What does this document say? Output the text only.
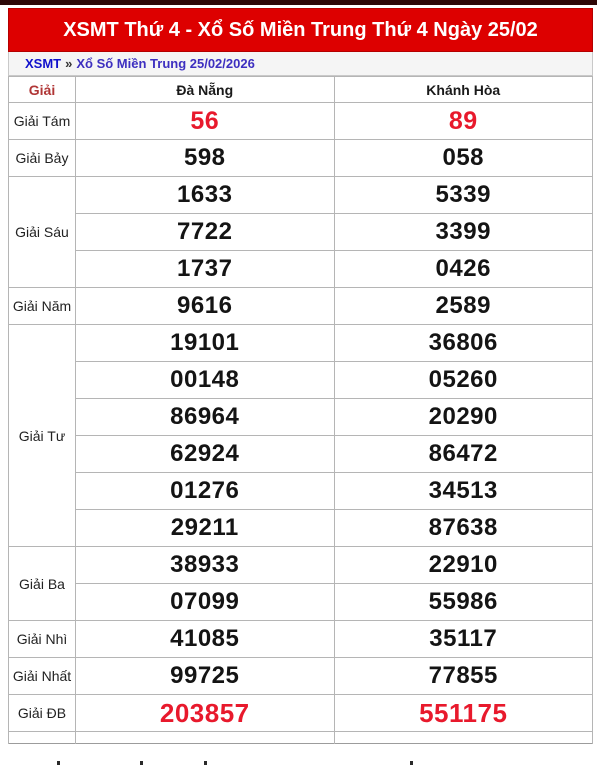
XSMT Thứ 4 - Xổ Số Miền Trung Thứ 4 Ngày 25/02
XSMT » Xổ Số Miền Trung 25/02/2026
Giải	Đà Nẵng	Khánh Hòa
Giải Tám	56	89
Giải Bảy	598	058
Giải Sáu	1633	5339
	7722	3399
	1737	0426
Giải Năm	9616	2589
Giải Tư	19101	36806
	00148	05260
	86964	20290
	62924	86472
	01276	34513
	29211	87638
Giải Ba	38933	22910
	07099	55986
Giải Nhì	41085	35117
Giải Nhất	99725	77855
Giải ĐB	203857	551175
